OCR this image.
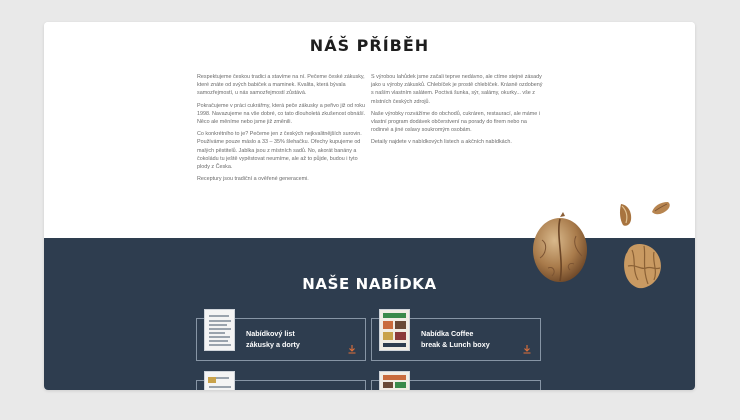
NÁŠ PŘÍBĚH

Respektujeme českou tradici a stavíme na ní. Pečeme české zákusky, které znáte od svých babiček a maminek. Kvalita, která bývala samozřejmostí, u nás samozřejmostí zůstává.

Pokračujeme v práci cukrářmy, která peče zákusky a peřivo již od roku 1998. Navazujeme na vše dobré, co tato dlouholetá zkušenost obnáší. Něco ale měníme nebo jsme již změnili.

Co konkrétního to je? Pečeme jen z českých nejkvalitnějších surovin. Používáme pouze máslo a 33 – 35% šlehačku. Ořechy kupujeme od malých pěstitelů. Jablka jsou z místních sadů. No, akorát banány a čokoládu tu ještě vypěstovat neumíme, ale až to půjde, budou i tyto plody z Česka.

Receptury jsou tradiční a ověřené generacemi.

S výrobou lahůdek jsme začali teprve nedávno, ale ctíme stejné zásady jako u výroby zákusků. Chlebíček je prostě chlebíček. Krásně ozdobený s naším vlastním salátem. Poctivá šunka, sýr, salámy, okurky... vše z místních českých zdrojů.

Naše výrobky rozvážíme do obchodů, cukráren, restaurací, ale máme i vlastní program dodávek občerstvení na porady do firem nebo na rodinné a jiné oslavy soukromým osobám.

Detaily najdete v nabídkových listech a akčních nabídkách.

NAŠE NABÍDKA
Nabídkový list
zákusky a dorty
Nabídka Coffee
break & Lunch boxy
